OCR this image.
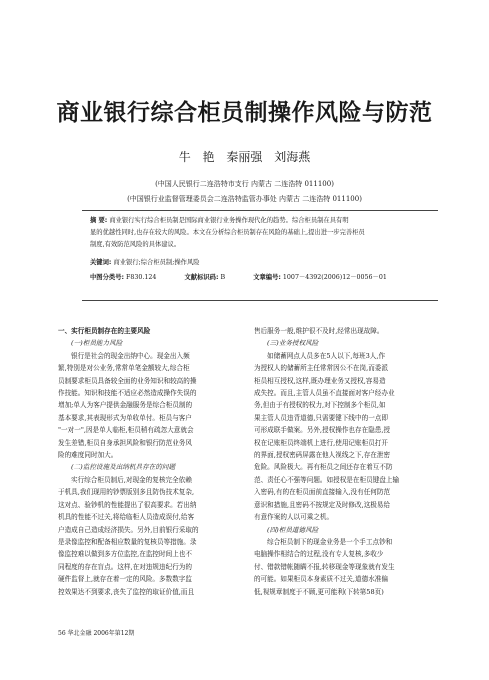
商业银行综合柜员制操作风险与防范
牛 艳 秦丽强 刘海燕
(中国人民银行二连浩特市支行 内蒙古 二连浩特 011100)
(中国银行业监督管理委员会二连浩特监管办事处 内蒙古 二连浩特 011100)
摘 要: 商业银行实行综合柜员制是国际商业银行业务操作现代化的趋势。综合柜员制在具有明
显的优越性同时,也存在较大的风险。本文在分析综合柜员制存在风险的基础上,提出进一步完善柜员
制度,有效防范风险的具体建议。
关键词: 商业银行;综合柜员制;操作风险
中图分类号: F830.124	文献标识码: B	文章编号: 1007－4392(2006)12－0056－01

一、实行柜员制存在的主要风险

(一)柜员能力风险

银行是社会的现金出纳中心。现金出入频

繁,特别是对公业务,常常单笔金额较大,综合柜

员制要求柜员具备较全面的业务知识和较高的操

作技能。知识和技能不适应必然造成操作失误的

增加;单人为客户提供金融服务是综合柜员制的

基本要求,其表现形式为单收单付。柜员与客户

"一对一",因是单人临柜,柜员稍有疏忽大意就会

发生差错,柜员自身承担风险和银行防范业务风

险的难度同时加大。

(二)监控设施及出纳机具存在的问题

实行综合柜员制后,对现金的复核完全依赖

于机具,我们现用的钞票版别多且防伪技术复杂,

这对点、验钞机的性能提出了很高要求。若出纳

机具的性能不过关,将给临柜人员造成误付,给客

户造成自己造成经济损失。另外,目前银行采取的

是录像监控和配备相应数量的复核员等措施。录

像监控难以做到多方位监控,在监控时间上也不

同程度的存在盲点。这样,在对违规违纪行为的

硬件监督上,就存在着一定的风险。多数数字监

控效果达不到要求,丧失了监控的取证价值,而且

售后服务一般,维护很不及时,经常出现故障。

(三)业务授权风险

如储蓄网点人员多在5人以下,每班3人,作

为授权人的储蓄所主任常常因公不在岗,而委派

柜员相互授权,这样,既办理业务又授权,容易造

成失控。而且,主管人员虽不直接面对客户经办业

务,但由于有授权的权力,对下控制多个柜员,如

果主管人员违背道德,只需要键下线中的一点即

可形成联手做案。另外,授权操作也存在隐患,授

权在记账柜员终端机上进行,使用记账柜员打开

的界面,授权密码屏露在他人视线之下,存在泄密

危险。风险极大。再有柜员之间还存在着互不防

范、责任心不强等问题。如授权是在柜员键盘上输

入密码,有的在柜员面前直接输入,没有任何防范

意识和措施,且密码不按规定及时修改,这极易给

有意作案的人以可乘之机。

(四)柜员道德风险

综合柜员制下的现金业务是一个手工点钞和

电脑操作相结合的过程,没有专人复核,多收少

付、错款错帐随瞒不报,转移现金等现象就有发生

的可能。如果柜员本身素质不过关,道德水准偏

低,视规章制度于不顾,更可能利(下转第58页)

56 华北金融 2006年第12期
